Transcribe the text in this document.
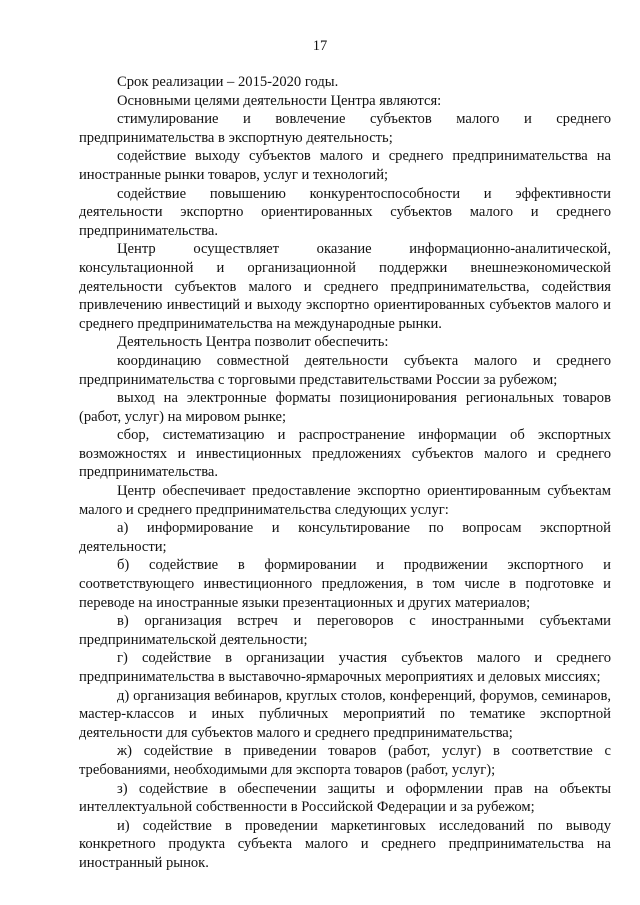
17

Срок реализации – 2015-2020 годы.

Основными целями деятельности Центра являются:

стимулирование и вовлечение субъектов малого и среднего предпринимательства в экспортную деятельность;

содействие выходу субъектов малого и среднего предпринимательства на иностранные рынки товаров, услуг и технологий;

содействие повышению конкурентоспособности и эффективности деятельности экспортно ориентированных субъектов малого и среднего предпринимательства.

Центр осуществляет оказание информационно-аналитической, консультационной и организационной поддержки внешнеэкономической деятельности субъектов малого и среднего предпринимательства, содействия привлечению инвестиций и выходу экспортно ориентированных субъектов малого и среднего предпринимательства на международные рынки.

Деятельность Центра позволит обеспечить:

координацию совместной деятельности субъекта малого и среднего предпринимательства с торговыми представительствами России за рубежом;

выход на электронные форматы позиционирования региональных товаров (работ, услуг) на мировом рынке;

сбор, систематизацию и распространение информации об экспортных возможностях и инвестиционных предложениях субъектов малого и среднего предпринимательства.

Центр обеспечивает предоставление экспортно ориентированным субъектам малого и среднего предпринимательства следующих услуг:

а) информирование и консультирование по вопросам экспортной деятельности;

б) содействие в формировании и продвижении экспортного и соответствующего инвестиционного предложения, в том числе в подготовке и переводе на иностранные языки презентационных и других материалов;

в) организация встреч и переговоров с иностранными субъектами предпринимательской деятельности;

г) содействие в организации участия субъектов малого и среднего предпринимательства в выставочно-ярмарочных мероприятиях и деловых миссиях;

д) организация вебинаров, круглых столов, конференций, форумов, семинаров, мастер-классов и иных публичных мероприятий по тематике экспортной деятельности для субъектов малого и среднего предпринимательства;

ж) содействие в приведении товаров (работ, услуг) в соответствие с требованиями, необходимыми для экспорта товаров (работ, услуг);

з) содействие в обеспечении защиты и оформлении прав на объекты интеллектуальной собственности в Российской Федерации и за рубежом;

и) содействие в проведении маркетинговых исследований по выводу конкретного продукта субъекта малого и среднего предпринимательства на иностранный рынок.
